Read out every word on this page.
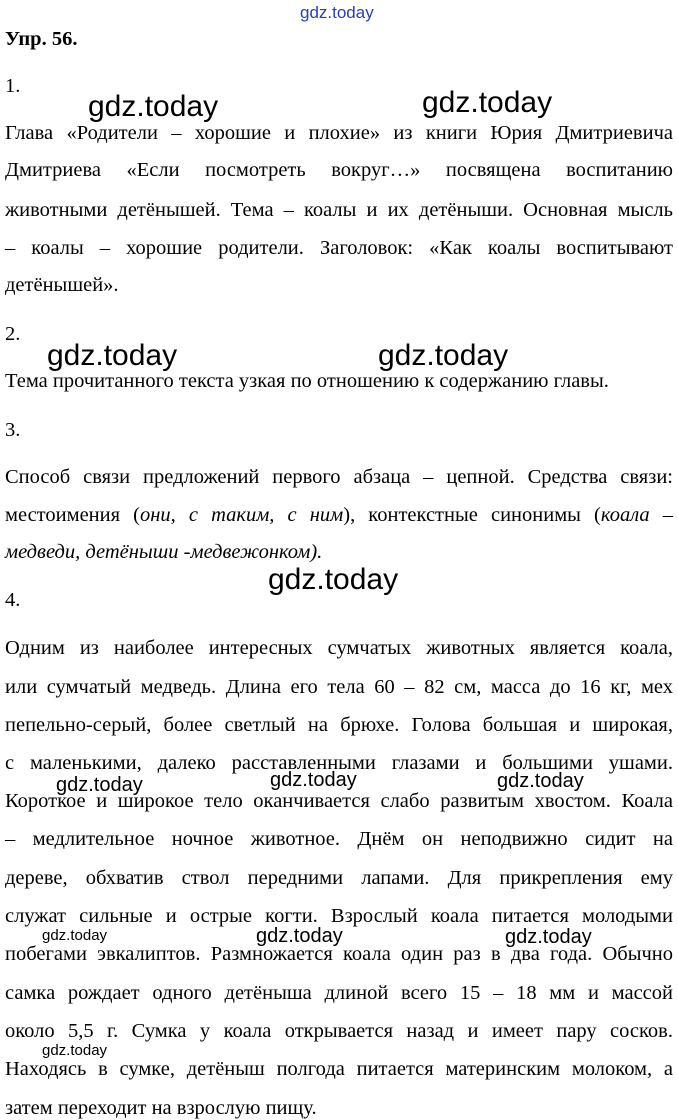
gdz.today
gdz.today	gdz.today
gdz.today	gdz.today
gdz.today
gdz.today	gdz.today	gdz.today
gdz.today	gdz.today	gdz.today
gdz.today
Упр. 56.
1.
Глава «Родители – хорошие и плохие» из книги Юрия Дмитриевича
Дмитриева «Если посмотреть вокруг…» посвящена воспитанию
животными детёнышей. Тема – коалы и их детёныши. Основная мысль
– коалы – хорошие родители. Заголовок: «Как коалы воспитывают
детёнышей».
2.
Тема прочитанного текста узкая по отношению к содержанию главы.
3.
Способ связи предложений первого абзаца – цепной. Средства связи:
местоимения (они, с таким, с ним), контекстные синонимы (коала –
медведи, детёныши -медвежонком).
4.
Одним из наиболее интересных сумчатых животных является коала,
или сумчатый медведь. Длина его тела 60 – 82 см, масса до 16 кг, мех
пепельно-серый, более светлый на брюхе. Голова большая и широкая,
с маленькими, далеко расставленными глазами и большими ушами.
Короткое и широкое тело оканчивается слабо развитым хвостом. Коала
– медлительное ночное животное. Днём он неподвижно сидит на
дереве, обхватив ствол передними лапами. Для прикрепления ему
служат сильные и острые когти. Взрослый коала питается молодыми
побегами эвкалиптов. Размножается коала один раз в два года. Обычно
самка рождает одного детёныша длиной всего 15 – 18 мм и массой
около 5,5 г. Сумка у коала открывается назад и имеет пару сосков.
Находясь в сумке, детёныш полгода питается материнским молоком, а
затем переходит на взрослую пищу.
